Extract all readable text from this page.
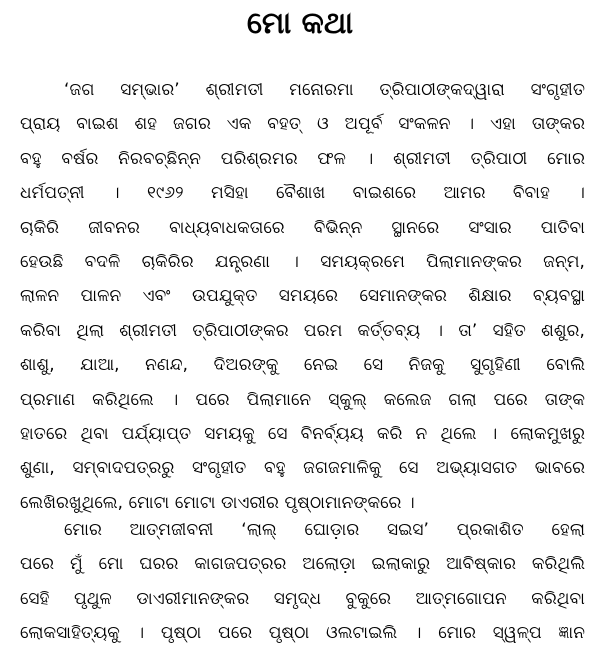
ମୋ କଥା
‘ଜଗ ସମ୍ଭାର’ ଶ୍ରୀମତୀ ମନୋରମା ତ୍ରିପାଠୀଙ୍କଦ୍ୱାରା ସଂଗୃହୀତ
ପ୍ରାୟ ବାଇଶ ଶହ ଜଗର ଏକ ବହତ୍ ଓ ଅପୂର୍ବ ସଂକଳନ । ଏହା ତାଙ୍କର
ବହୁ ବର୍ଷର ନିରବଚ୍ଛିନ୍ନ ପରିଶ୍ରମର ଫଳ । ଶ୍ରୀମତୀ ତ୍ରିପାଠୀ ମୋର
ଧର୍ମପତ୍ନୀ । ୧୯୬୨ ମସିହା ବୈଶାଖ ବାଇଶରେ ଆମର ବିବାହ ।
ଚାକିରି ଜୀବନର ବାଧ୍ୟବାଧକତାରେ ବିଭିନ୍ନ ସ୍ଥାନରେ ସଂସାର ପାତିବା
ହେଉଛି ବଦଳି ଚାକିରିର ଯନ୍ତ୍ରଣା । ସମୟକ୍ରମେ ପିଲାମାନଙ୍କର ଜନ୍ମ,
ଲାଳନ ପାଳନ ଏବଂ ଉପଯୁକ୍ତ ସମୟରେ ସେମାନଙ୍କର ଶିକ୍ଷାର ବ୍ୟବସ୍ଥା
କରିବା ଥିଲା ଶ୍ରୀମତୀ ତ୍ରିପାଠୀଙ୍କର ପରମ କର୍ତ୍ତବ୍ୟ । ତା’ ସହିତ ଶଶୁର,
ଶାଶୁ, ଯାଆ, ନଣନ୍ଦ, ଦିଅରଙ୍କୁ ନେଇ ସେ ନିଜକୁ ସୁଗୃହିଣୀ ବୋଲି
ପ୍ରମାଣ କରିଥିଲେ । ପରେ ପିଲାମାନେ ସ୍କୁଲ୍ କଲେଜ ଗଲା ପରେ ତାଙ୍କ
ହାତରେ ଥିବା ପର୍ଯ୍ୟାପ୍ତ ସମୟକୁ ସେ ବିନର୍ବ୍ୟୟ କରି ନ ଥିଲେ । ଲୋକମୁଖରୁ
ଶୁଣା, ସମ୍ବାଦପତ୍ରରୁ ସଂଗୃହୀତ ବହୁ ଜଗଜମାଳିକୁ ସେ ଅଭ୍ୟାସଗତ ଭାବରେ
ଲେଖିରଖୁଥିଲେ, ମୋଟା ମୋଟା ଡାଏରୀର ପୃଷ୍ଠାମାନଙ୍କରେ ।
ମୋର ଆତ୍ମଜୀବନୀ ‘ଲାଲ୍ ଘୋଡ଼ାର ସଇସ’ ପ୍ରକାଶିତ ହେଲା
ପରେ ମୁଁ ମୋ ଘରର କାଗଜପତ୍ରର ଅଲୋଡ଼ା ଇଲାକାରୁ ଆବିଷ୍କାର କରିଥିଲି
ସେହି ପୃଥୁଳ ଡାଏରୀମାନଙ୍କର ସମୃଦ୍ଧ ବୁକୁରେ ଆତ୍ମଗୋପନ କରିଥିବା
ଲୋକସାହିତ୍ୟକୁ । ପୃଷ୍ଠା ପରେ ପୃଷ୍ଠା ଓଲଟାଇଲି । ମୋର ସ୍ୱଳ୍ପ ଜ୍ଞାନ
